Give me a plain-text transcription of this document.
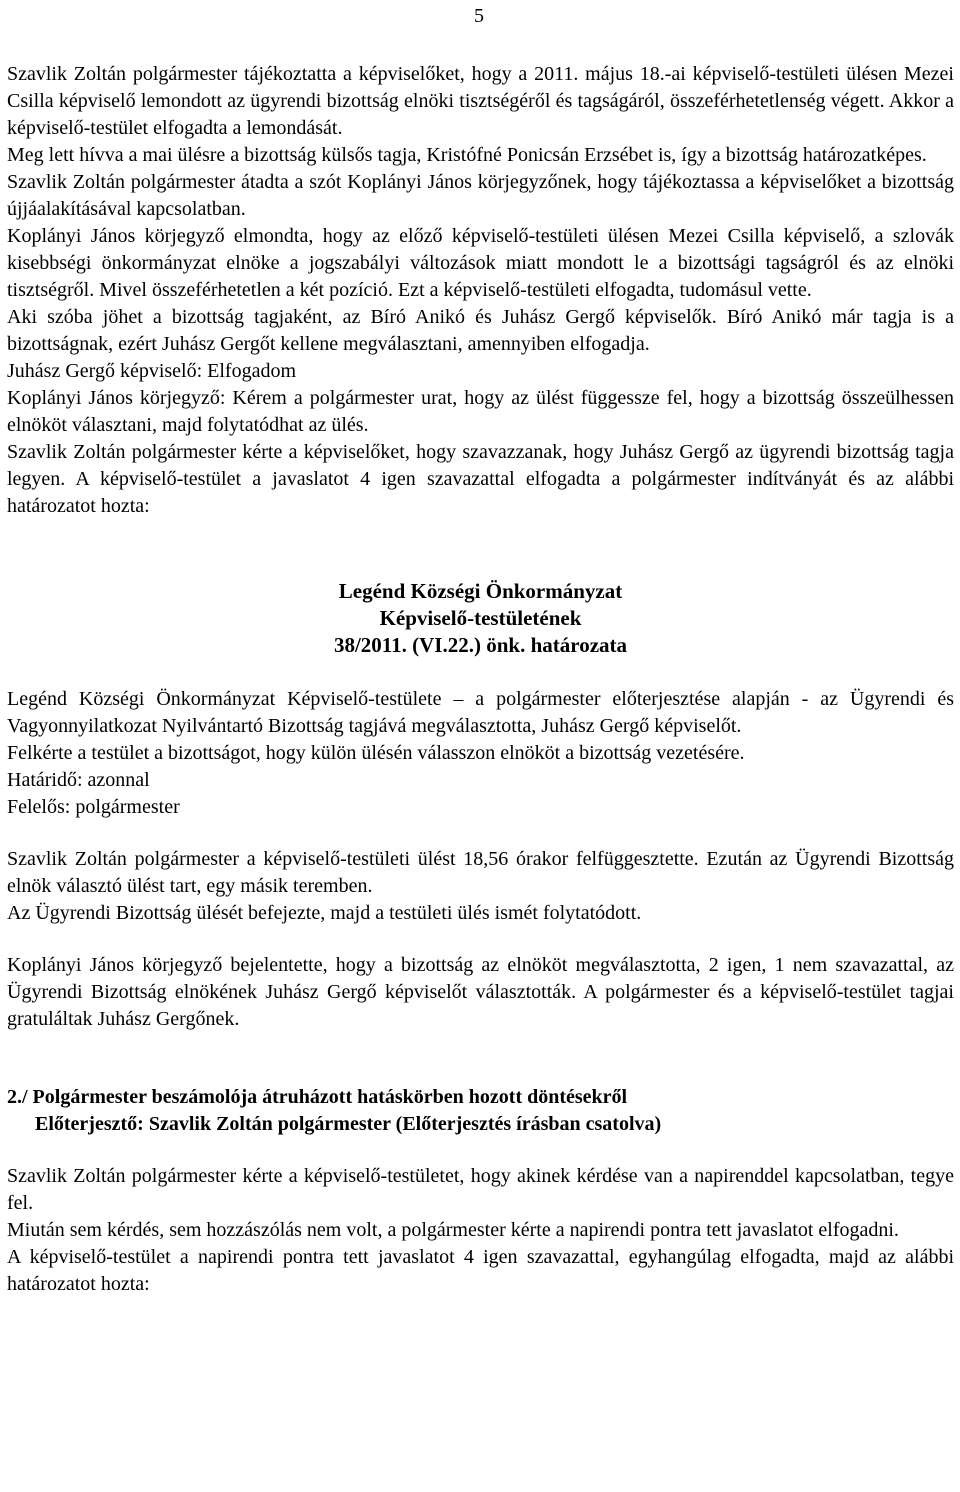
5

Szavlik Zoltán polgármester tájékoztatta a képviselőket, hogy a 2011. május 18.-ai képviselő-testületi ülésen Mezei Csilla képviselő lemondott az ügyrendi bizottság elnöki tisztségéről és tagságáról, összeférhetetlenség végett. Akkor a képviselő-testület elfogadta a lemondását.

Meg lett hívva a mai ülésre a bizottság külsős tagja, Kristófné Ponicsán Erzsébet is, így a bizottság határozatképes.

Szavlik Zoltán polgármester átadta a szót Koplányi János körjegyzőnek, hogy tájékoztassa a képviselőket a bizottság újjáalakításával kapcsolatban.

Koplányi János körjegyző elmondta, hogy az előző képviselő-testületi ülésen Mezei Csilla képviselő, a szlovák kisebbségi önkormányzat elnöke a jogszabályi változások miatt mondott le a bizottsági tagságról és az elnöki tisztségről. Mivel összeférhetetlen a két pozíció. Ezt a képviselő-testületi elfogadta, tudomásul vette.

Aki szóba jöhet a bizottság tagjaként, az Bíró Anikó és Juhász Gergő képviselők. Bíró Anikó már tagja is a bizottságnak, ezért Juhász Gergőt kellene megválasztani, amennyiben elfogadja.

Juhász Gergő képviselő: Elfogadom

Koplányi János körjegyző: Kérem a polgármester urat, hogy az ülést függessze fel, hogy a bizottság összeülhessen elnököt választani, majd folytatódhat az ülés.

Szavlik Zoltán polgármester kérte a képviselőket, hogy szavazzanak, hogy Juhász Gergő az ügyrendi bizottság tagja legyen. A képviselő-testület a javaslatot 4 igen szavazattal elfogadta a polgármester indítványát és az alábbi határozatot hozta:

Legénd Községi Önkormányzat
Képviselő-testületének
38/2011. (VI.22.) önk. határozata

Legénd Községi Önkormányzat Képviselő-testülete – a polgármester előterjesztése alapján - az Ügyrendi és Vagyonnyilatkozat Nyilvántartó Bizottság tagjává megválasztotta, Juhász Gergő képviselőt.

Felkérte a testület a bizottságot, hogy külön ülésén válasszon elnököt a bizottság vezetésére.

Határidő: azonnal

Felelős: polgármester

Szavlik Zoltán polgármester a képviselő-testületi ülést 18,56 órakor felfüggesztette. Ezután az Ügyrendi Bizottság elnök választó ülést tart, egy másik teremben.

Az Ügyrendi Bizottság ülését befejezte, majd a testületi ülés ismét folytatódott.

Koplányi János körjegyző bejelentette, hogy a bizottság az elnököt megválasztotta, 2 igen, 1 nem szavazattal, az Ügyrendi Bizottság elnökének Juhász Gergő képviselőt választották. A polgármester és a képviselő-testület tagjai gratuláltak Juhász Gergőnek.

2./ Polgármester beszámolója átruházott hatáskörben hozott döntésekről

Előterjesztő: Szavlik Zoltán polgármester (Előterjesztés írásban csatolva)

Szavlik Zoltán polgármester kérte a képviselő-testületet, hogy akinek kérdése van a napirenddel kapcsolatban, tegye fel.

Miután sem kérdés, sem hozzászólás nem volt, a polgármester kérte a napirendi pontra tett javaslatot elfogadni.

A képviselő-testület a napirendi pontra tett javaslatot 4 igen szavazattal, egyhangúlag elfogadta, majd az alábbi határozatot hozta:
